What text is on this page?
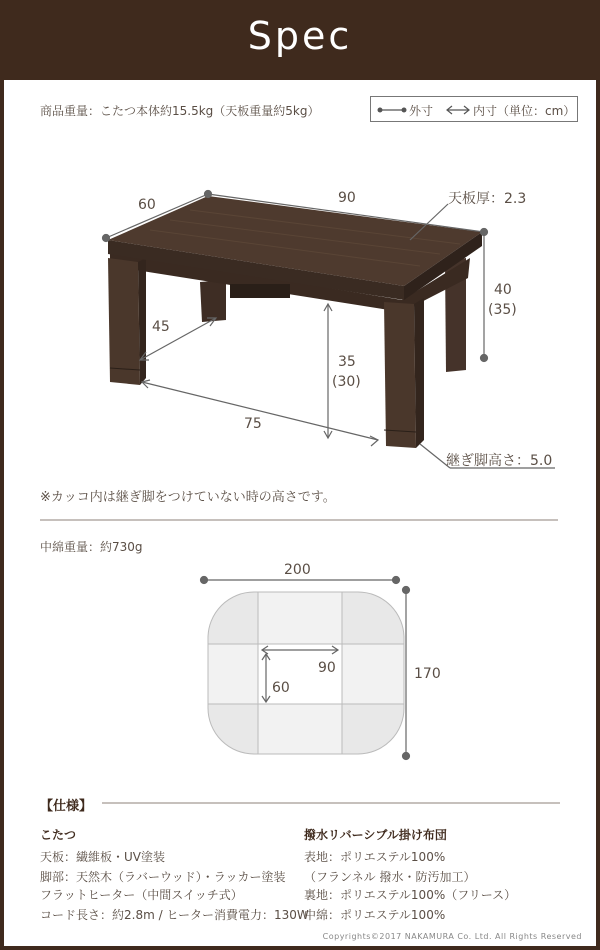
Spec
商品重量：こたつ本体約15.5kg（天板重量約5kg）	外寸	内寸（単位：cm）
60	90	天板厚：2.3
40
(35)
45
35
(30)
75
継ぎ脚高さ：5.0
※カッコ内は継ぎ脚をつけていない時の高さです。
中綿重量：約730g
200
170
90
60
【仕様】
こたつ
天板：繊維板・UV塗装
脚部：天然木（ラバーウッド）・ラッカー塗装
フラットヒーター（中間スイッチ式）
コード長さ：約2.8m / ヒーター消費電力：130W
撥水リバーシブル掛け布団
表地：ポリエステル100%
（フランネル 撥水・防汚加工）
裏地：ポリエステル100%（フリース）
中綿：ポリエステル100%
Copyrights©2017 NAKAMURA Co. Ltd. All Rights Reserved
